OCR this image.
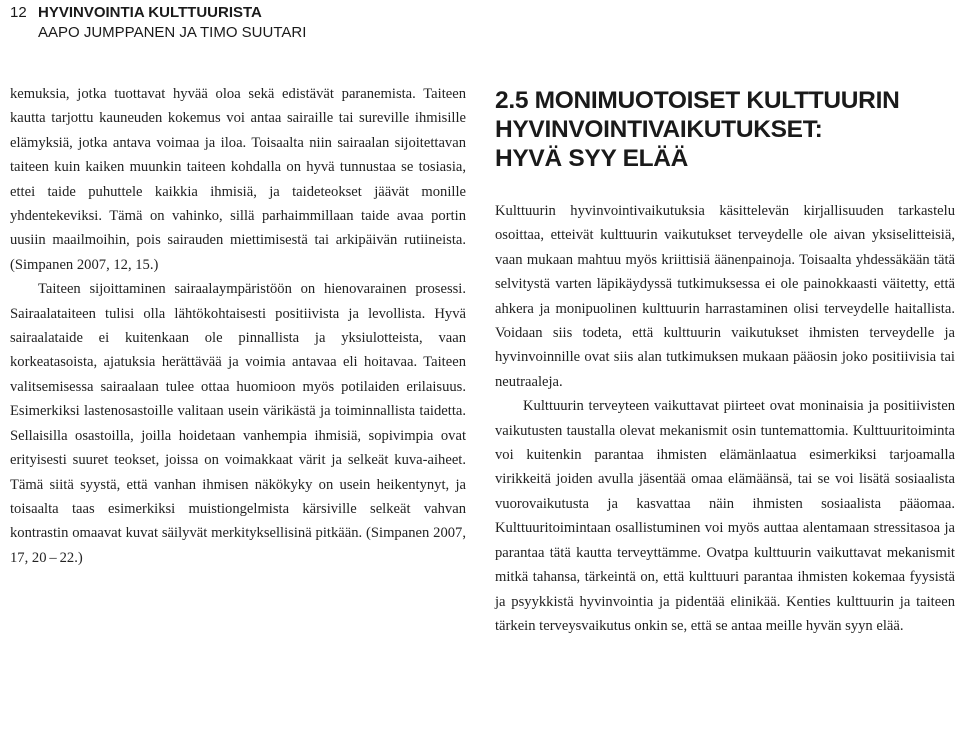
12 HYVINVOINTIA KULTTUURISTA
AAPO JUMPPANEN JA TIMO SUUTARI

kemuksia, jotka tuottavat hyvää oloa sekä edistävät paranemista. Taiteen kautta tarjottu kauneuden kokemus voi antaa sairaille tai sureville ihmisille elämyksiä, jotka antava voimaa ja iloa. Toisaalta niin sairaalan sijoitettavan taiteen kuin kaiken muunkin taiteen kohdalla on hyvä tunnustaa se tosiasia, ettei taide puhuttele kaikkia ihmisiä, ja taideteokset jäävät monille yhdentekeviksi. Tämä on vahinko, sillä parhaimmillaan taide avaa portin uusiin maailmoihin, pois sairauden miettimisestä tai arkipäivän rutiineista. (Simpanen 2007, 12, 15.)

Taiteen sijoittaminen sairaalaympäristöön on hienovarainen prosessi. Sairaalataiteen tulisi olla lähtökohtaisesti positiivista ja levollista. Hyvä sairaalataide ei kuitenkaan ole pinnallista ja yksiulotteista, vaan korkeatasoista, ajatuksia herättävää ja voimia antavaa eli hoitavaa. Taiteen valitsemisessa sairaalaan tulee ottaa huomioon myös potilaiden erilaisuus. Esimerkiksi lastenosastoille valitaan usein värikästä ja toiminnallista taidetta. Sellaisilla osastoilla, joilla hoidetaan vanhempia ihmisiä, sopivimpia ovat erityisesti suuret teokset, joissa on voimakkaat värit ja selkeät kuva-aiheet. Tämä siitä syystä, että vanhan ihmisen näkökyky on usein heikentynyt, ja toisaalta taas esimerkiksi muistiongelmista kärsiville selkeät vahvan kontrastin omaavat kuvat säilyvät merkityksellisinä pitkään. (Simpanen 2007, 17, 20 – 22.)

2.5 MONIMUOTOISET KULTTUURIN
HYVINVOINTIVAIKUTUKSET:
HYVÄ SYY ELÄÄ

Kulttuurin hyvinvointivaikutuksia käsittelevän kirjallisuuden tarkastelu osoittaa, etteivät kulttuurin vaikutukset terveydelle ole aivan yksiselitteisiä, vaan mukaan mahtuu myös kriittisiä äänenpainoja. Toisaalta yhdessäkään tätä selvitystä varten läpikäydyssä tutkimuksessa ei ole painokkaasti väitetty, että ahkera ja monipuolinen kulttuurin harrastaminen olisi terveydelle haitallista. Voidaan siis todeta, että kulttuurin vaikutukset ihmisten terveydelle ja hyvinvoinnille ovat siis alan tutkimuksen mukaan pääosin joko positiivisia tai neutraaleja.

Kulttuurin terveyteen vaikuttavat piirteet ovat moninaisia ja positiivisten vaikutusten taustalla olevat mekanismit osin tuntemattomia. Kulttuuritoiminta voi kuitenkin parantaa ihmisten elämänlaatua esimerkiksi tarjoamalla virikkeitä joiden avulla jäsentää omaa elämäänsä, tai se voi lisätä sosiaalista vuorovaikutusta ja kasvattaa näin ihmisten sosiaalista pääomaa. Kulttuuritoimintaan osallistuminen voi myös auttaa alentamaan stressitasoa ja parantaa tätä kautta terveyttämme. Ovatpa kulttuurin vaikuttavat mekanismit mitkä tahansa, tärkeintä on, että kulttuuri parantaa ihmisten kokemaa fyysistä ja psyykkistä hyvinvointia ja pidentää elinikää. Kenties kulttuurin ja taiteen tärkein terveysvaikutus onkin se, että se antaa meille hyvän syyn elää.
